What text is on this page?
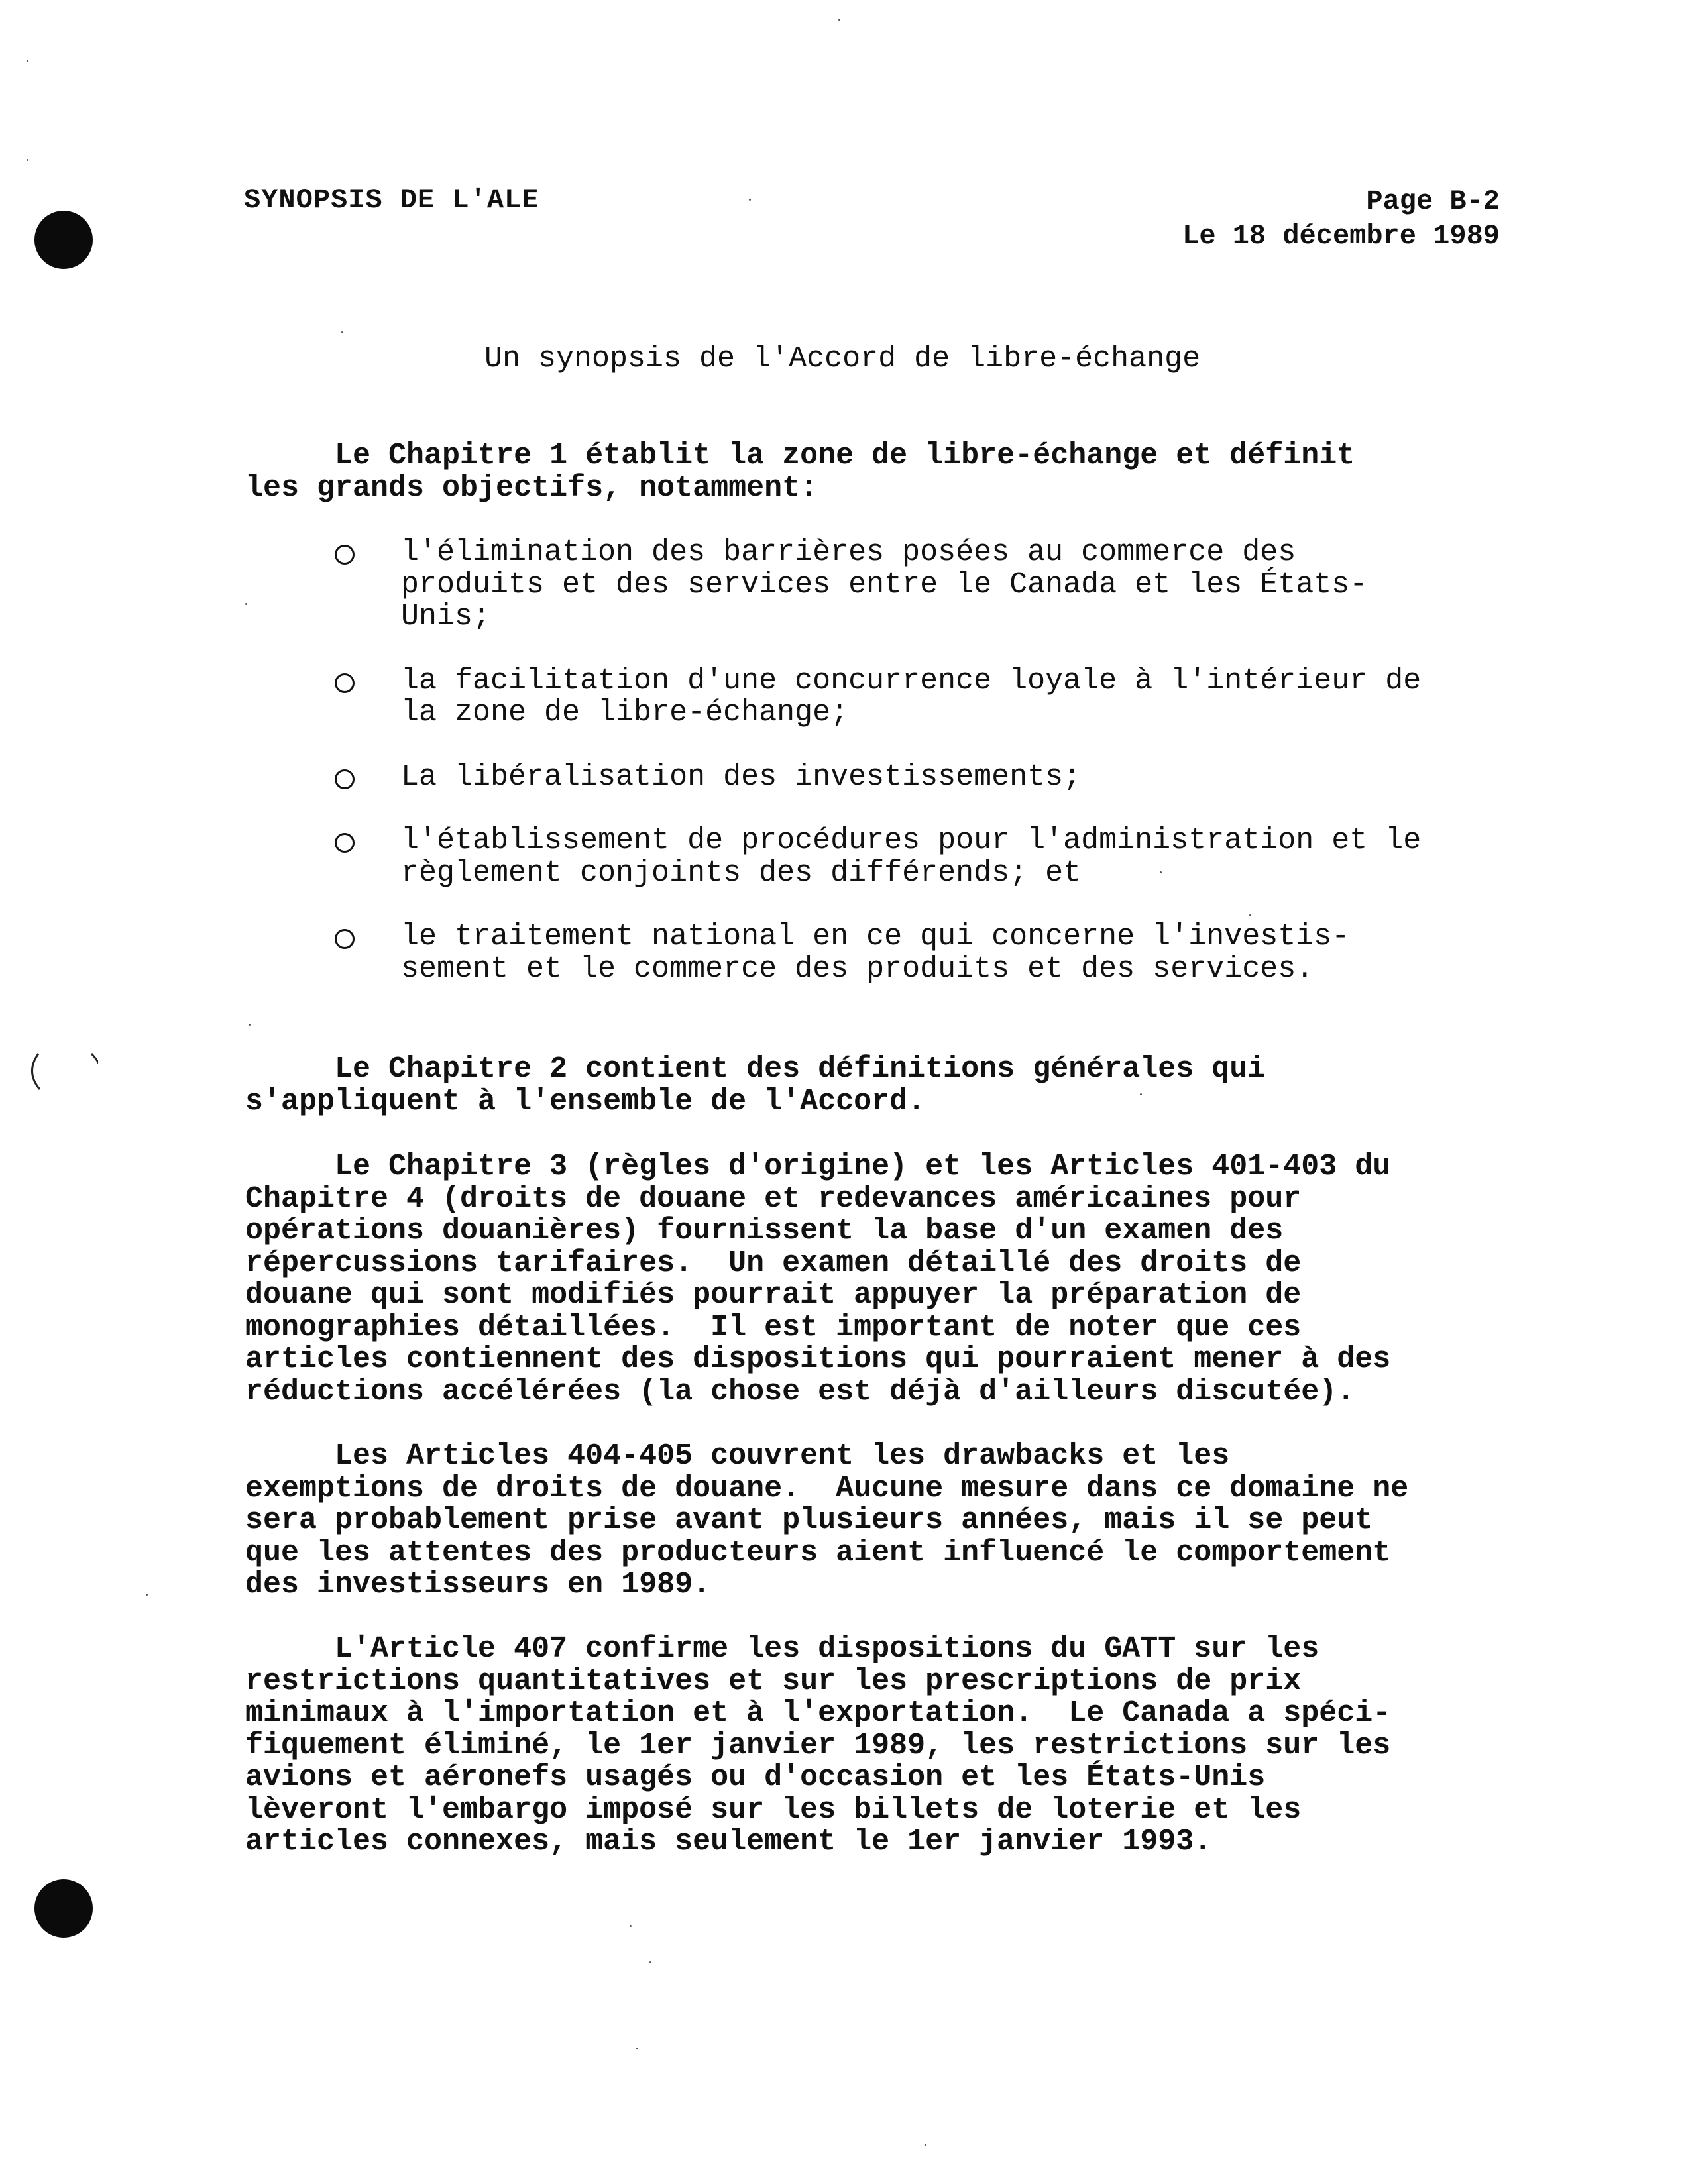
SYNOPSIS DE L'ALE	Page B-2
Le 18 décembre 1989
Un synopsis de l'Accord de libre-échange
Le Chapitre 1 établit la zone de libre-échange et définit
les grands objectifs, notamment:
l'élimination des barrières posées au commerce des
produits et des services entre le Canada et les États-
Unis;
la facilitation d'une concurrence loyale à l'intérieur de
la zone de libre-échange;
La libéralisation des investissements;
l'établissement de procédures pour l'administration et le
règlement conjoints des différends; et
le traitement national en ce qui concerne l'investis-
sement et le commerce des produits et des services.
Le Chapitre 2 contient des définitions générales qui
s'appliquent à l'ensemble de l'Accord.
Le Chapitre 3 (règles d'origine) et les Articles 401-403 du
Chapitre 4 (droits de douane et redevances américaines pour
opérations douanières) fournissent la base d'un examen des
répercussions tarifaires.  Un examen détaillé des droits de
douane qui sont modifiés pourrait appuyer la préparation de
monographies détaillées.  Il est important de noter que ces
articles contiennent des dispositions qui pourraient mener à des
réductions accélérées (la chose est déjà d'ailleurs discutée).
Les Articles 404-405 couvrent les drawbacks et les
exemptions de droits de douane.  Aucune mesure dans ce domaine ne
sera probablement prise avant plusieurs années, mais il se peut
que les attentes des producteurs aient influencé le comportement
des investisseurs en 1989.
L'Article 407 confirme les dispositions du GATT sur les
restrictions quantitatives et sur les prescriptions de prix
minimaux à l'importation et à l'exportation.  Le Canada a spéci-
fiquement éliminé, le 1er janvier 1989, les restrictions sur les
avions et aéronefs usagés ou d'occasion et les États-Unis
lèveront l'embargo imposé sur les billets de loterie et les
articles connexes, mais seulement le 1er janvier 1993.
